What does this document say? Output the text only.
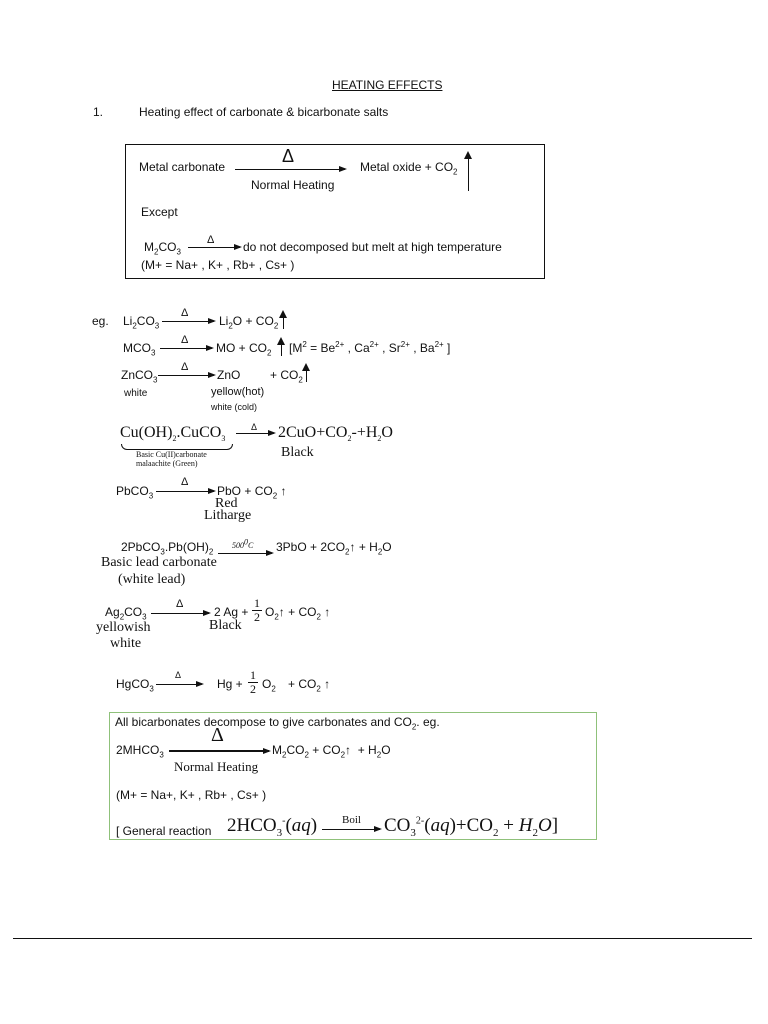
HEATING EFFECTS
1.	Heating effect of carbonate & bicarbonate salts
Metal carbonate
Δ
Normal Heating
Metal oxide + $CO_2$
Except
$M_2CO_3$
Δ do not decomposed but melt at high temperature
(M+ = Na+ , K+ , Rb+ , Cs+ )
eg. $Li_2CO_3$
Δ
$Li_2O + CO_2$
$MCO_3$
Δ
MO + $CO_2$ [$M^2 = Be^{2+}$ , $Ca^{2+}$ , $Sr^{2+}$ , $Ba^{2+}$ ]
ZnCO$_3$
Δ
ZnO + $CO_2$
white	yellow(hot)
white (cold)
$Cu(OH)_2.CuCO_3$
Basic Cu(II)carbonate
malaachite (Green)
Δ $2CuO+CO_2-+H_2O$
Black
PbCO$_3$
Δ
PbO + $CO_2$ ↑
Red
Litharge
$2PbCO_3.Pb(OH)_2$
$500^0C$ $3PbO + 2CO_2↑ + H_2O$
Basic lead carbonate
(white lead)
$Ag_2CO_3$
Δ
2 Ag +
1
2 $O_2↑ + CO_2$ ↑
yellowish
white
Black
HgCO$_3$
Δ
Hg +
1
2 $O_2 + CO_2$ ↑
All bicarbonates decompose to give carbonates and $CO_2$. eg.
$2MHCO_3$
Δ
Normal Heating
$M_2CO_2$ + $CO_2↑ + H_2O$
(M+ = Na+, K+ , Rb+ , Cs+ )
[ General reaction $2HCO_3^-(aq)$ Boil $CO_3^{2-}(aq)+CO_2 + H_2O$]
